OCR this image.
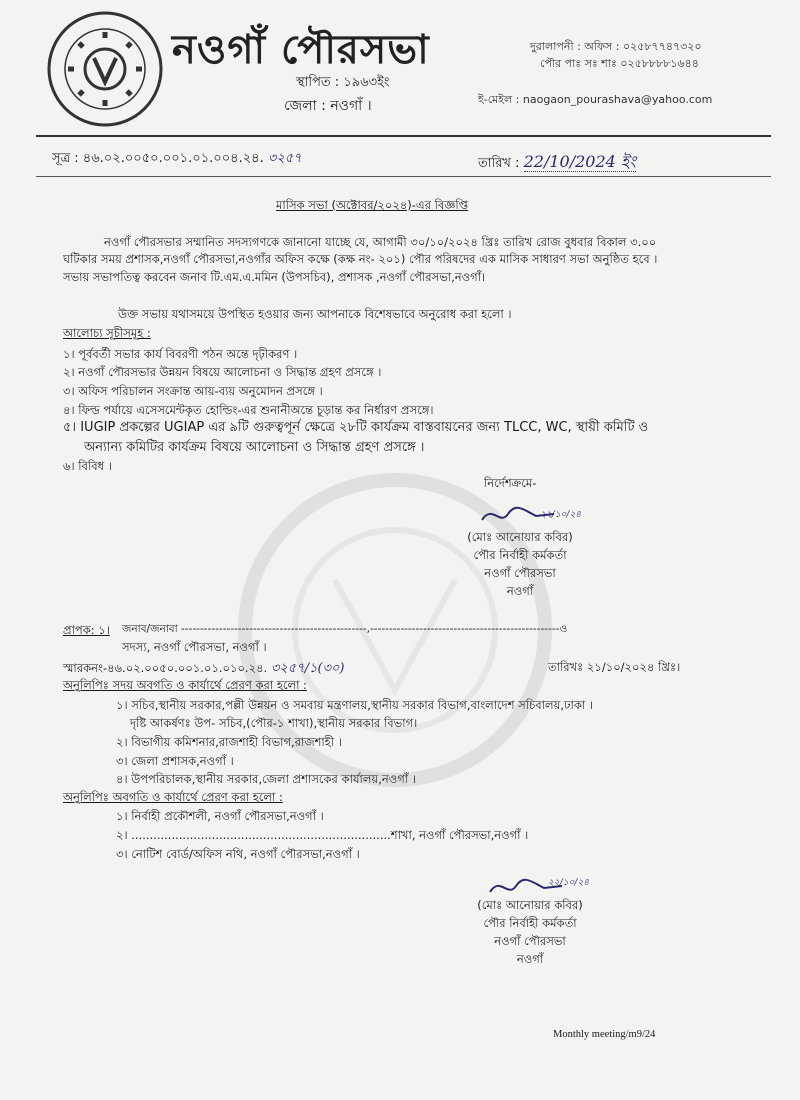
নওগাঁ পৌরসভা
স্থাপিত : ১৯৬৩ইং
জেলা : নওগাঁ ।
দুরালাপনী : অফিস : ০২৫৮৭৭৪৭৩২০
পৌর পাঃ সঃ শাঃ ০২৫৮৮৮৮১৬৪৪
ই-মেইল : naogaon_pourashava@yahoo.com
সূত্র : ৪৬.০২.০০৫০.০০১.০১.০০৪.২৪. ৩২৫৭	তারিখ : 22/10/2024 ইং
মাসিক সভা (অক্টোবর/২০২৪)-এর বিজ্ঞপ্তি
নওগাঁ পৌরসভার সম্মানিত সদস্যগণকে জানানো যাচ্ছে যে, আগামী ৩০/১০/২০২৪ খ্রিঃ তারিখ রোজ বুধবার বিকাল ৩.০০
ঘটিকার সময় প্রশাসক,নওগাঁ পৌরসভা,নওগাঁর অফিস কক্ষে (কক্ষ নং- ২০১) পৌর পরিষদের এক মাসিক সাধারণ সভা অনুষ্ঠিত হবে ।
সভায় সভাপতিত্ব করবেন জনাব টি.এম.এ.মমিন (উপসচিব), প্রশাসক ,নওগাঁ পৌরসভা,নওগাঁ।
উক্ত সভায় যথাসময়ে উপস্থিত হওয়ার জন্য আপনাকে বিশেষভাবে অনুরোধ করা হলো ।
আলোচ্য সূচীসমূহ :
১। পূর্ববর্তী সভার কার্য বিবরণী পঠন অন্তে দৃঢ়ীকরণ ।
২। নওগাঁ পৌরসভার উন্নয়ন বিষয়ে আলোচনা ও সিদ্ধান্ত গ্রহণ প্রসঙ্গে ।
৩। অফিস পরিচালন সংক্রান্ত আয়-ব্যয় অনুমোদন প্রসঙ্গে ।
৪। ফিল্ড পর্যায়ে এসেসমেন্টকৃত হোল্ডিং-এর শুনানীঅন্তে চূড়ান্ত কর নির্ধারণ প্রসঙ্গে।
৫। IUGIP প্রকল্পের UGIAP এর ৯টি গুরুত্বপূর্ন ক্ষেত্রে ২৮টি কার্যক্রম বাস্তবায়নের জন্য TLCC, WC, স্থায়ী কমিটি ও
অন্যান্য কমিটির কার্যক্রম বিষয়ে আলোচনা ও সিদ্ধান্ত গ্রহণ প্রসঙ্গে ।
৬। বিবিধ ।
নির্দেশক্রমে-
২২/১০/২৪
(মোঃ আনোয়ার কবির)
পৌর নির্বাহী কর্মকর্তা
নওগাঁ পৌরসভা
নওগাঁ
প্রাপক: ১। জনাব/জনাবা -------------------------------------------------,--------------------------------------------------ও
সদস্য, নওগাঁ পৌরসভা, নওগাঁ ।
স্মারকনং-৪৬.০২.০০৫০.০০১.০১.০১০.২৪. ৩২৫৭/১(৩০)	তারিখঃ ২১/১০/২০২৪ খ্রিঃ।
অনুলিপিঃ সদয় অবগতি ও কার্যার্থে প্রেরণ করা হলো :
১। সচিব,স্থানীয় সরকার,পল্লী উন্নয়ন ও সমবায় মন্ত্রণালয়,স্থানীয় সরকার বিভাগ,বাংলাদেশ সচিবালয়,ঢাকা ।
দৃষ্টি আকর্ষণঃ উপ- সচিব,(পৌর-১ শাখা),স্থানীয় সরকার বিভাগ।
২। বিভাগীয় কমিশনার,রাজশাহী বিভাগ,রাজশাহী ।
৩। জেলা প্রশাসক,নওগাঁ ।
৪। উপপরিচালক,স্থানীয় সরকার,জেলা প্রশাসকের কার্যালয়,নওগাঁ ।
অনুলিপিঃ অবগতি ও কার্যার্থে প্রেরণ করা হলো :
১। নির্বাহী প্রকৌশলী, নওগাঁ পৌরসভা,নওগাঁ ।
২। .......................................................................শাখা, নওগাঁ পৌরসভা,নওগাঁ ।
৩। নোটিশ বোর্ড/অফিস নথি, নওগাঁ পৌরসভা,নওগাঁ ।
২২/১০/২৪
(মোঃ আনোয়ার কবির)
পৌর নির্বাহী কর্মকর্তা
নওগাঁ পৌরসভা
নওগাঁ
Monthly meeting/m9/24
